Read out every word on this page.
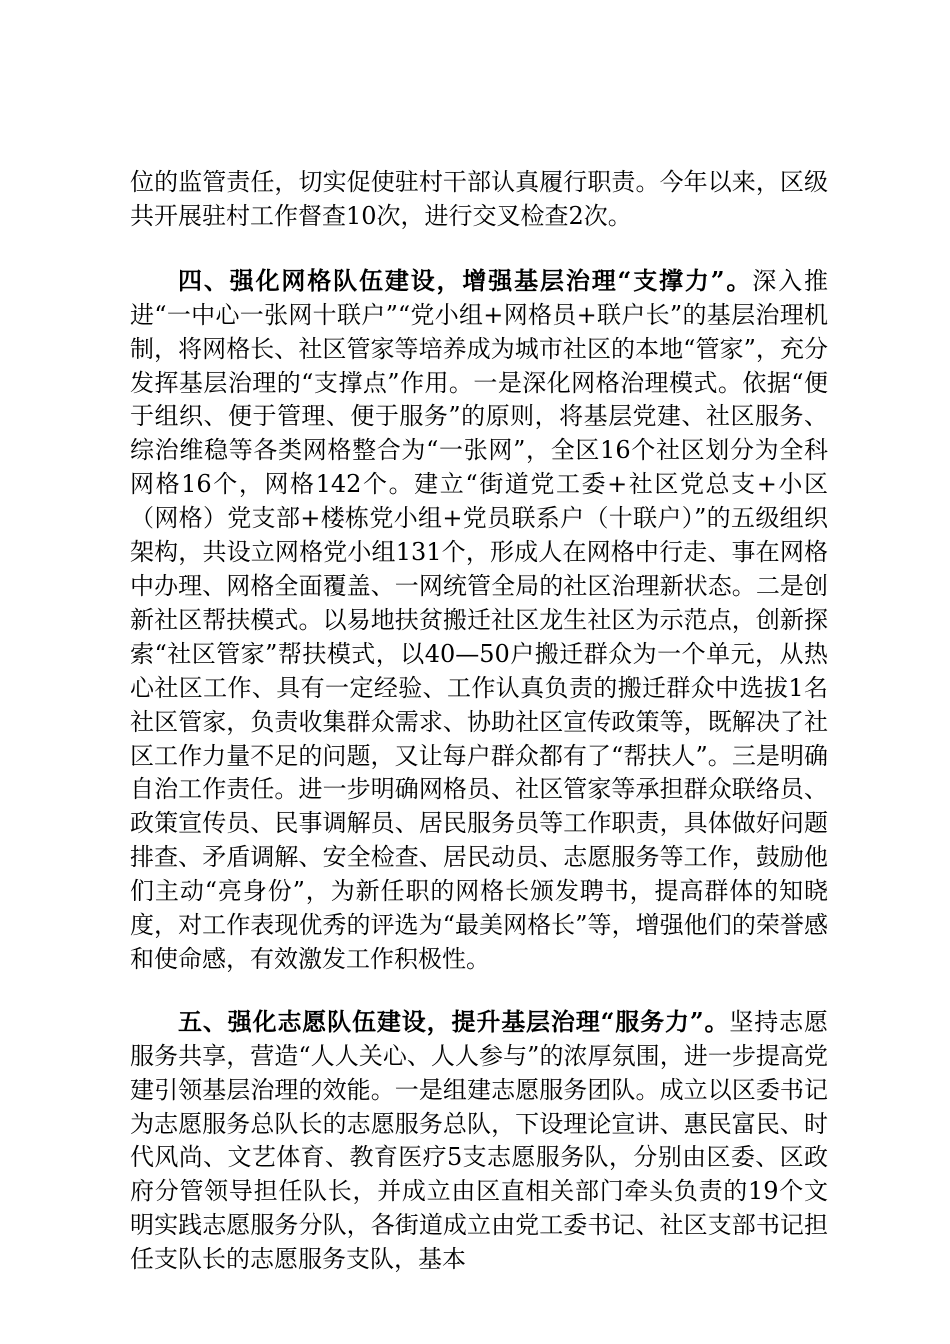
位的监管责任，切实促使驻村干部认真履行职责。今年以来，区级共开展驻村工作督查10次，进行交叉检查2次。

四、强化网格队伍建设，增强基层治理“支撑力”。深入推进“一中心一张网十联户”“党小组+网格员+联户长”的基层治理机制，将网格长、社区管家等培养成为城市社区的本地“管家”，充分发挥基层治理的“支撑点”作用。一是深化网格治理模式。依据“便于组织、便于管理、便于服务”的原则，将基层党建、社区服务、综治维稳等各类网格整合为“一张网”，全区16个社区划分为全科网格16个，网格142个。建立“街道党工委+社区党总支+小区（网格）党支部+楼栋党小组+党员联系户（十联户）”的五级组织架构，共设立网格党小组131个，形成人在网格中行走、事在网格中办理、网格全面覆盖、一网统管全局的社区治理新状态。二是创新社区帮扶模式。以易地扶贫搬迁社区龙生社区为示范点，创新探索“社区管家”帮扶模式，以40—50户搬迁群众为一个单元，从热心社区工作、具有一定经验、工作认真负责的搬迁群众中选拔1名社区管家，负责收集群众需求、协助社区宣传政策等，既解决了社区工作力量不足的问题，又让每户群众都有了“帮扶人”。三是明确自治工作责任。进一步明确网格员、社区管家等承担群众联络员、政策宣传员、民事调解员、居民服务员等工作职责，具体做好问题排查、矛盾调解、安全检查、居民动员、志愿服务等工作，鼓励他们主动“亮身份”，为新任职的网格长颁发聘书，提高群体的知晓度，对工作表现优秀的评选为“最美网格长”等，增强他们的荣誉感和使命感，有效激发工作积极性。

五、强化志愿队伍建设，提升基层治理“服务力”。坚持志愿服务共享，营造“人人关心、人人参与”的浓厚氛围，进一步提高党建引领基层治理的效能。一是组建志愿服务团队。成立以区委书记为志愿服务总队长的志愿服务总队，下设理论宣讲、惠民富民、时代风尚、文艺体育、教育医疗5支志愿服务队，分别由区委、区政府分管领导担任队长，并成立由区直相关部门牵头负责的19个文明实践志愿服务分队，各街道成立由党工委书记、社区支部书记担任支队长的志愿服务支队，基本
